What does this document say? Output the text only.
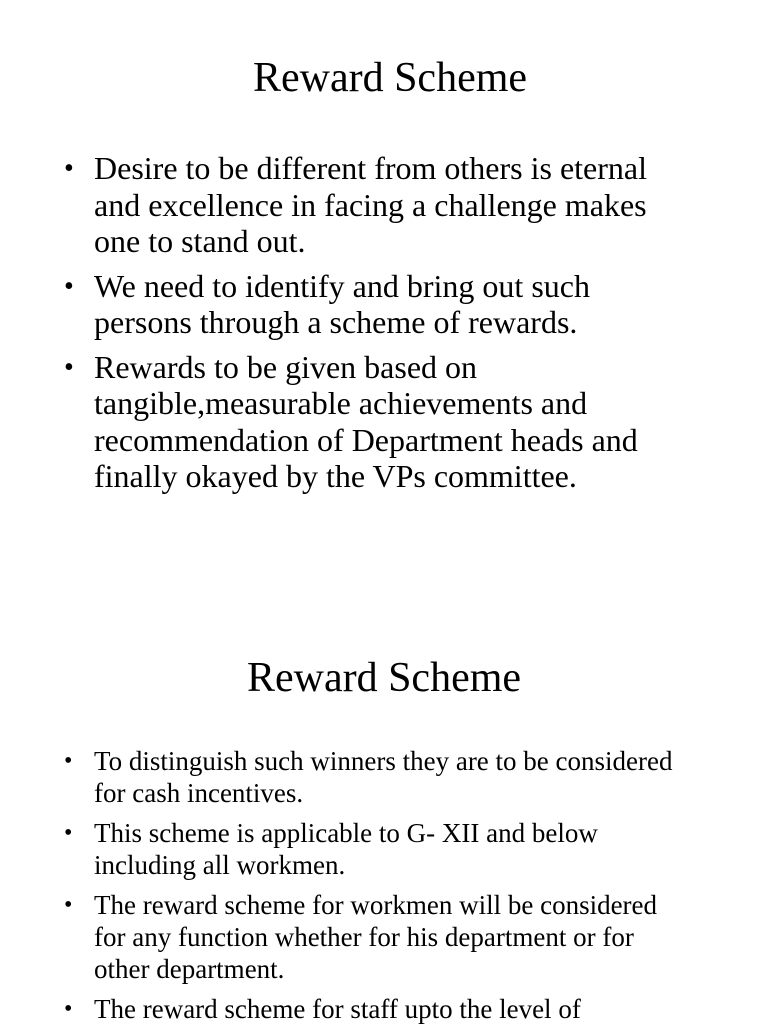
Reward Scheme
• Desire to be different from others is eternal and excellence in facing a challenge makes one to stand out.
• We need to identify and bring out such persons through a scheme of rewards.
• Rewards to be given based on tangible,measurable achievements and recommendation of Department heads and finally okayed by the VPs committee.
Reward Scheme
• To distinguish such winners they are to be considered for cash incentives.
• This scheme is applicable to G- XII and below including all workmen.
• The reward scheme for workmen will be considered for any function whether for his department or for other department.
• The reward scheme for staff upto the level of
